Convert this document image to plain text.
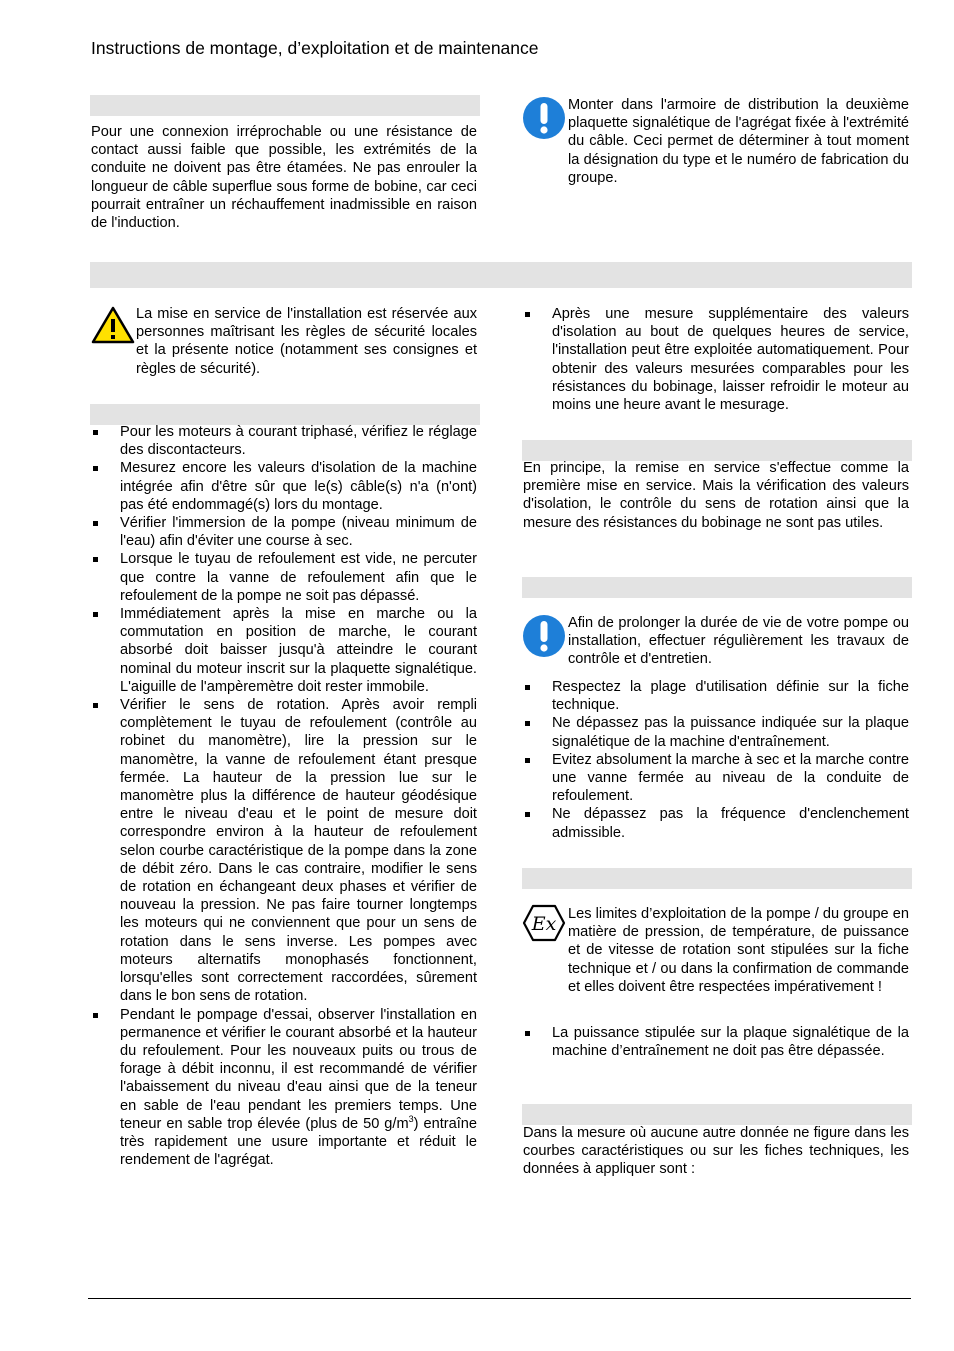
Instructions de montage, d’exploitation et de maintenance
Pour une connexion irréprochable ou une résistance de contact aussi faible que possible, les extrémités de la conduite ne doivent pas être étamées. Ne pas enrouler la longueur de câble superflue sous forme de bobine, car ceci pourrait entraîner un réchauffement inadmissible en raison de l'induction.
La mise en service de l'installation est réservée aux personnes maîtrisant les règles de sécurité locales et la présente notice (notamment ses consignes et règles de sécurité).
Pour les moteurs à courant triphasé, vérifiez le réglage des discontacteurs.
Mesurez encore les valeurs d'isolation de la machine intégrée afin d'être sûr que le(s) câble(s) n'a (n'ont) pas été endommagé(s) lors du montage.
Vérifier l'immersion de la pompe (niveau minimum de l'eau) afin d'éviter une course à sec.
Lorsque le tuyau de refoulement est vide, ne percuter que contre la vanne de refoulement afin que le refoulement de la pompe ne soit pas dépassé.
Immédiatement après la mise en marche ou la commutation en position de marche, le courant absorbé doit baisser jusqu'à atteindre le courant nominal du moteur inscrit sur la plaquette signalétique. L'aiguille de l'ampèremètre doit rester immobile.
Vérifier le sens de rotation. Après avoir rempli complètement le tuyau de refoulement (contrôle au robinet du manomètre), lire la pression sur le manomètre, la vanne de refoulement étant presque fermée. La hauteur de la pression lue sur le manomètre plus la différence de hauteur géodésique entre le niveau d'eau et le point de mesure doit correspondre environ à la hauteur de refoulement selon courbe caractéristique de la pompe dans la zone de débit zéro. Dans le cas contraire, modifier le sens de rotation en échangeant deux phases et vérifier de nouveau la pression. Ne pas faire tourner longtemps les moteurs qui ne conviennent que pour un sens de rotation dans le sens inverse. Les pompes avec moteurs alternatifs monophasés fonctionnent, lorsqu'elles sont correctement raccordées, sûrement dans le bon sens de rotation.
Pendant le pompage d'essai, observer l'installation en permanence et vérifier le courant absorbé et la hauteur du refoulement. Pour les nouveaux puits ou trous de forage à débit inconnu, il est recommandé de vérifier l'abaissement du niveau d'eau ainsi que de la teneur en sable de l'eau pendant les premiers temps. Une teneur en sable trop élevée (plus de 50 $g/m^3$) entraîne très rapidement une usure importante et réduit le rendement de l'agrégat.
Monter dans l'armoire de distribution la deuxième plaquette signalétique de l'agrégat fixée à l'extrémité du câble. Ceci permet de déterminer à tout moment la désignation du type et le numéro de fabrication du groupe.
Après une mesure supplémentaire des valeurs d'isolation au bout de quelques heures de service, l'installation peut être exploitée automatiquement. Pour obtenir des valeurs mesurées comparables pour les résistances du bobinage, laisser refroidir le moteur au moins une heure avant le mesurage.
En principe, la remise en service s'effectue comme la première mise en service. Mais la vérification des valeurs d'isolation, le contrôle du sens de rotation ainsi que la mesure des résistances du bobinage ne sont pas utiles.
Afin de prolonger la durée de vie de votre pompe ou installation, effectuer régulièrement les travaux de contrôle et d'entretien.
Respectez la plage d'utilisation définie sur la fiche technique.
Ne dépassez pas la puissance indiquée sur la plaque signalétique de la machine d'entraînement.
Evitez absolument la marche à sec et la marche contre une vanne fermée au niveau de la conduite de refoulement.
Ne dépassez pas la fréquence d'enclenchement admissible.
Ex Les limites d’exploitation de la pompe / du groupe en matière de pression, de température, de puissance et de vitesse de rotation sont stipulées sur la fiche technique et / ou dans la confirmation de commande et elles doivent être respectées impérativement !
La puissance stipulée sur la plaque signalétique de la machine d’entraînement ne doit pas être dépassée.
Dans la mesure où aucune autre donnée ne figure dans les courbes caractéristiques ou sur les fiches techniques, les données à appliquer sont :
